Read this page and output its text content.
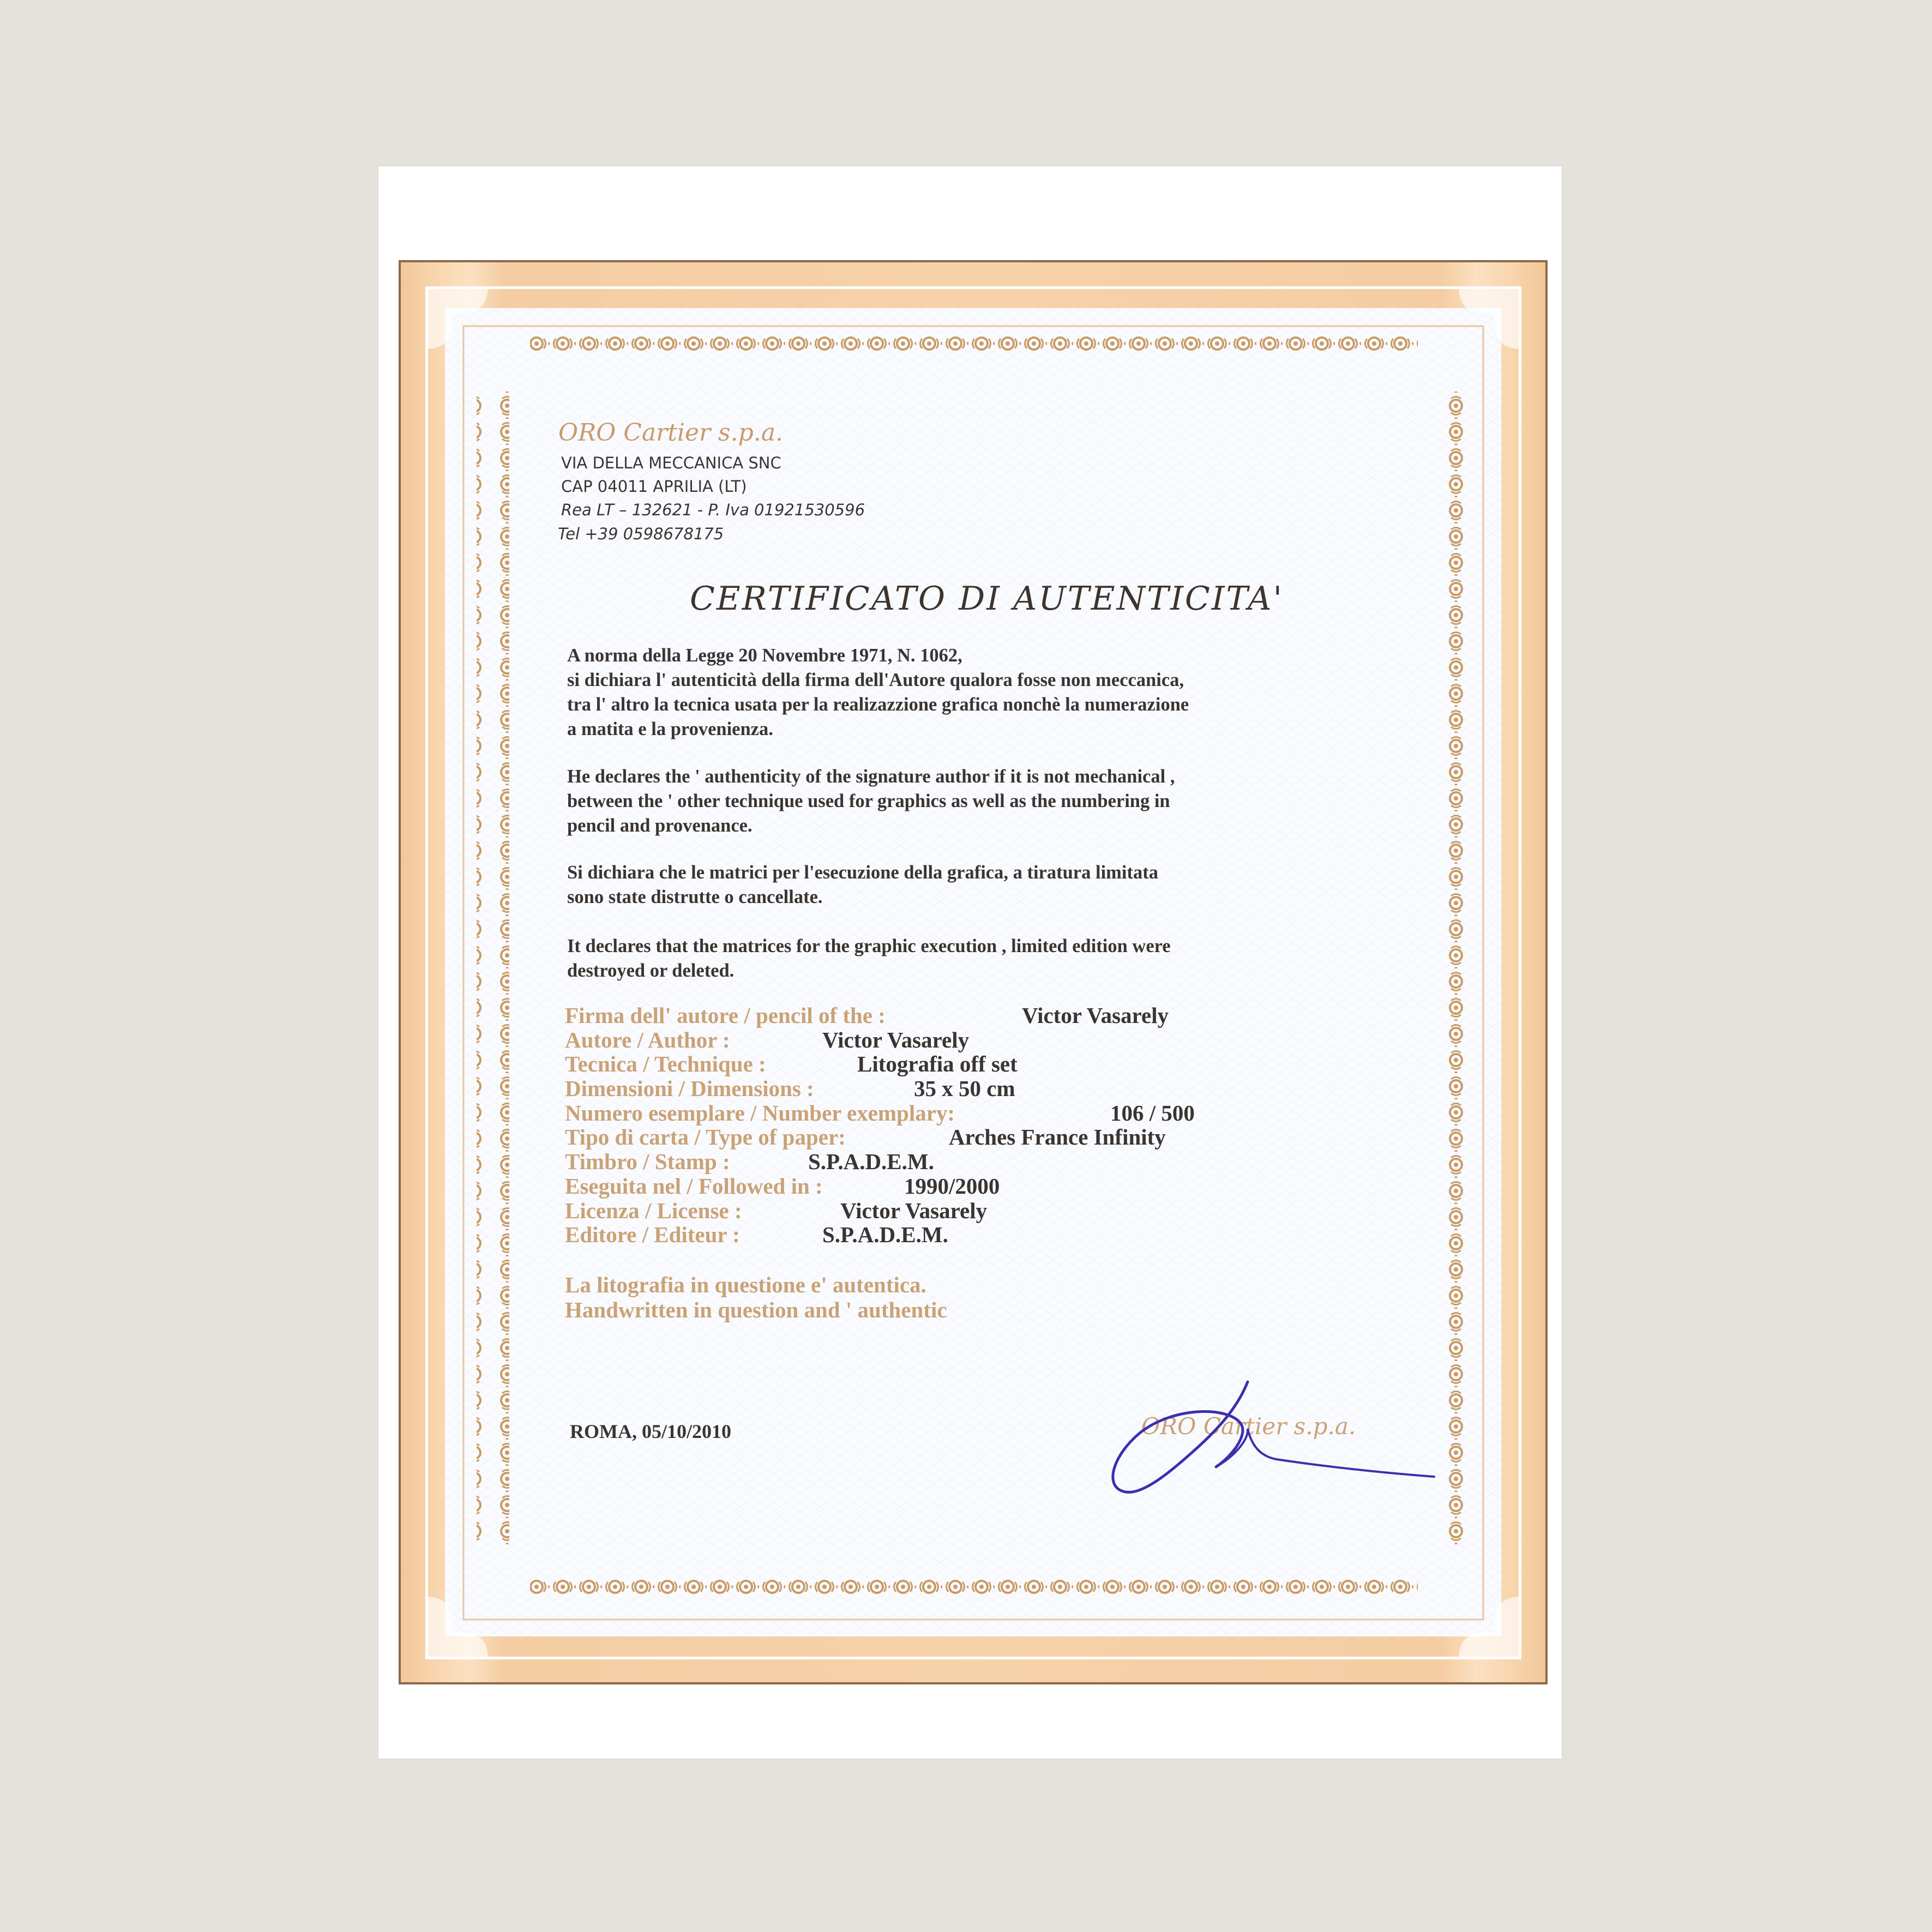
ORO Cartier s.p.a.
VIA DELLA MECCANICA SNC
CAP 04011 APRILIA (LT)
Rea LT – 132621 - P. Iva 01921530596
Tel +39 0598678175
CERTIFICATO DI AUTENTICITA'
A norma della Legge 20 Novembre 1971, N. 1062,
si dichiara l' autenticità della firma dell'Autore qualora fosse non meccanica,
tra l' altro la tecnica usata per la realizazzione grafica nonchè la numerazione
a matita e la provenienza.
He declares the ' authenticity of the signature author if it is not mechanical ,
between the ' other technique used for graphics as well as the numbering in
pencil and provenance.
Si dichiara che le matrici per l'esecuzione della grafica, a tiratura limitata
sono state distrutte o cancellate.
It declares that the matrices for the graphic execution , limited edition were
destroyed or deleted.
Firma dell' autore / pencil of the :	Victor Vasarely
Autore / Author :	Victor Vasarely
Tecnica / Technique :	Litografia off set
Dimensioni / Dimensions :	35 x 50 cm
Numero esemplare / Number exemplary:	106 / 500
Tipo di carta / Type of paper:	Arches France Infinity
Timbro / Stamp :	S.P.A.D.E.M.
Eseguita nel / Followed in :	1990/2000
Licenza / License :	Victor Vasarely
Editore / Editeur :	S.P.A.D.E.M.
La litografia in questione e' autentica.
Handwritten in question and ' authentic
ROMA, 05/10/2010	ORO Cartier s.p.a.
